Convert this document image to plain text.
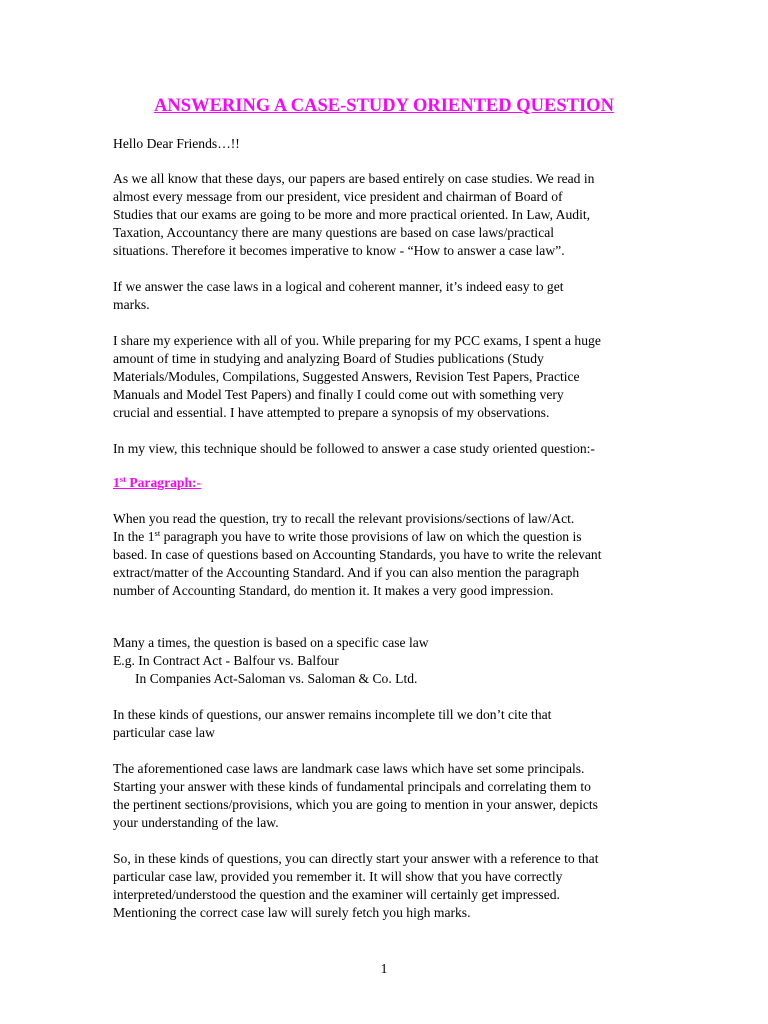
ANSWERING A CASE-STUDY ORIENTED QUESTION
Hello Dear Friends…!!
As we all know that these days, our papers are based entirely on case studies. We read in
almost every message from our president, vice president and chairman of Board of
Studies that our exams are going to be more and more practical oriented. In Law, Audit,
Taxation, Accountancy there are many questions are based on case laws/practical
situations. Therefore it becomes imperative to know - “How to answer a case law”.
If we answer the case laws in a logical and coherent manner, it’s indeed easy to get
marks.
I share my experience with all of you. While preparing for my PCC exams, I spent a huge
amount of time in studying and analyzing Board of Studies publications (Study
Materials/Modules, Compilations, Suggested Answers, Revision Test Papers, Practice
Manuals and Model Test Papers) and finally I could come out with something very
crucial and essential. I have attempted to prepare a synopsis of my observations.
In my view, this technique should be followed to answer a case study oriented question:-
1st Paragraph:-
When you read the question, try to recall the relevant provisions/sections of law/Act.
In the 1st paragraph you have to write those provisions of law on which the question is
based. In case of questions based on Accounting Standards, you have to write the relevant
extract/matter of the Accounting Standard. And if you can also mention the paragraph
number of Accounting Standard, do mention it. It makes a very good impression.
Many a times, the question is based on a specific case law
E.g. In Contract Act - Balfour vs. Balfour
In Companies Act-Saloman vs. Saloman & Co. Ltd.
In these kinds of questions, our answer remains incomplete till we don’t cite that
particular case law
The aforementioned case laws are landmark case laws which have set some principals.
Starting your answer with these kinds of fundamental principals and correlating them to
the pertinent sections/provisions, which you are going to mention in your answer, depicts
your understanding of the law.
So, in these kinds of questions, you can directly start your answer with a reference to that
particular case law, provided you remember it. It will show that you have correctly
interpreted/understood the question and the examiner will certainly get impressed.
Mentioning the correct case law will surely fetch you high marks.
1
